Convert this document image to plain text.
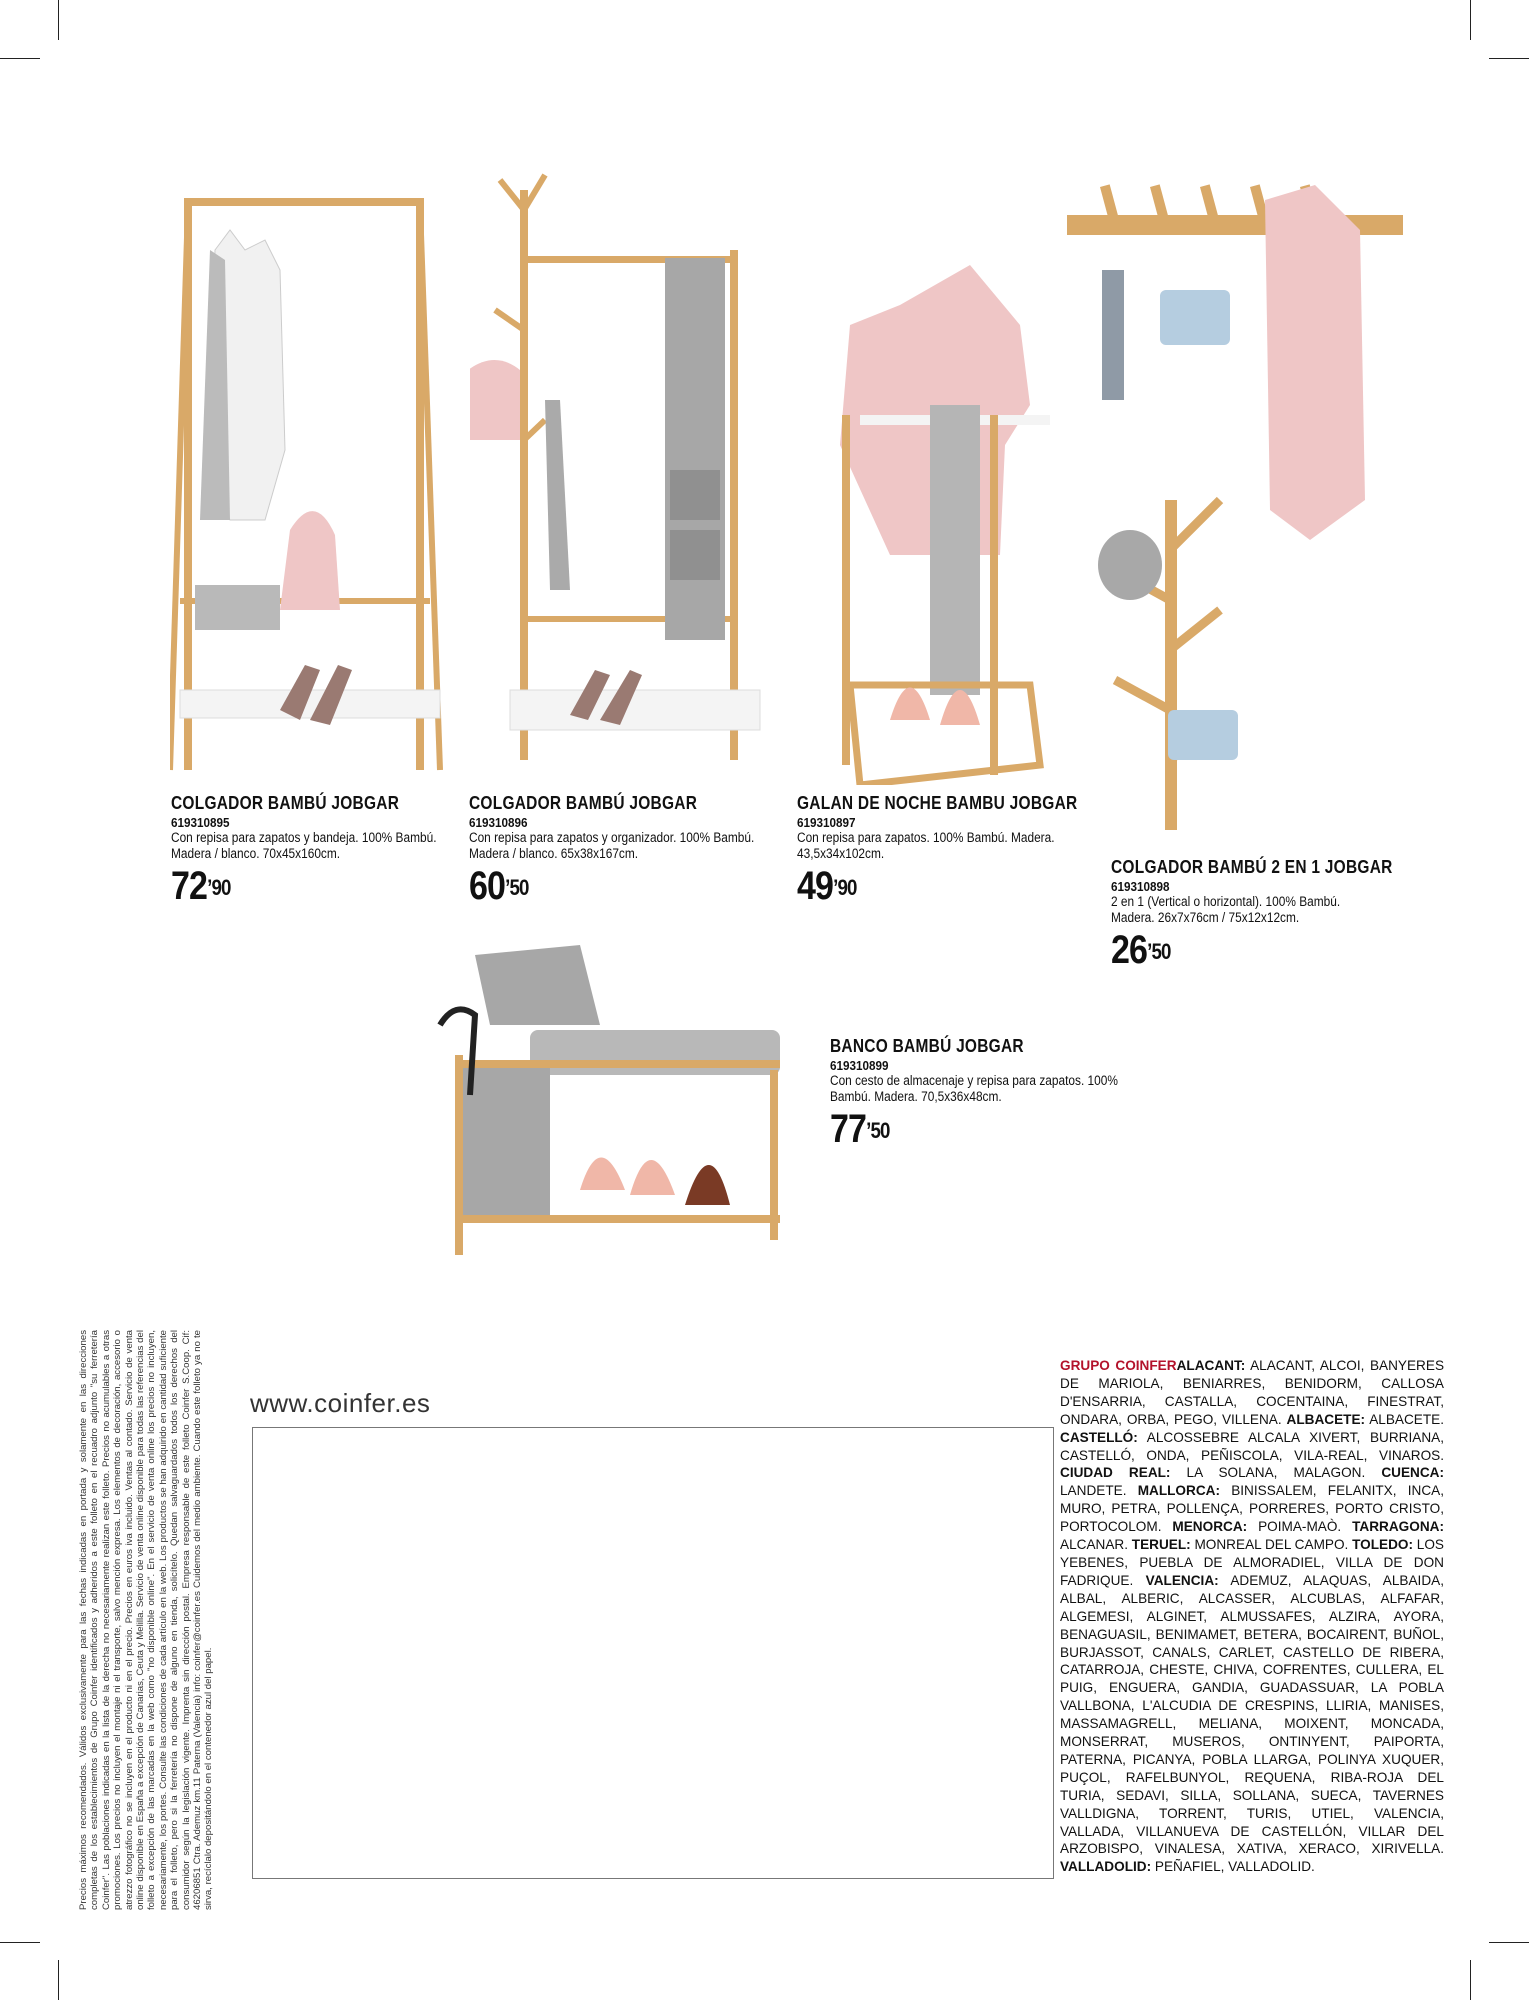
COLGADOR BAMBÚ JOBGAR
619310895
Con repisa para zapatos y bandeja. 100% Bambú. Madera / blanco. 70x45x160cm.
$72^{’90}$
COLGADOR BAMBÚ JOBGAR
619310896
Con repisa para zapatos y organizador. 100% Bambú. Madera / blanco. 65x38x167cm.
$60^{’50}$
GALAN DE NOCHE BAMBU JOBGAR
619310897
Con repisa para zapatos. 100% Bambú. Madera. 43,5x34x102cm.
$49^{’90}$
COLGADOR BAMBÚ 2 EN 1 JOBGAR
619310898
2 en 1 (Vertical o horizontal). 100% Bambú. Madera. 26x7x76cm / 75x12x12cm.
$26^{’50}$
BANCO BAMBÚ JOBGAR
619310899
Con cesto de almacenaje y repisa para zapatos. 100% Bambú. Madera. 70,5x36x48cm.
$77^{’50}$
Precios máximos recomendados. Válidos exclusivamente para las fechas indicadas en portada y solamente en las direcciones completas de los establecimientos de Grupo Coinfer identificados y adheridos a este folleto en el recuadro adjunto "su ferretería Coinfer". Las poblaciones indicadas en la lista de la derecha no necesariamente realizan este folleto. Precios no acumulables a otras promociones. Los precios no incluyen el montaje ni el transporte, salvo mención expresa. Los elementos de decoración, accesorio o atrezzo fotográfico no se incluyen en el producto ni en el precio. Precios en euros iva incluido. Ventas al contado. Servicio de venta online disponible en España a excepción de Canarias, Ceuta y Melilla. Servicio de venta online disponible para todas las referencias del folleto a excepción de las marcadas en la web como "no disponible online". En el servicio de venta online los precios no incluyen, necesariamente, los portes. Consulte las condiciones de cada artículo en la web. Los productos se han adquirido en cantidad suficiente para el folleto, pero si la ferretería no dispone de alguno en tienda, solicítelo. Quedan salvaguardados todos los derechos del consumidor según la legislación vigente. Imprenta sin dirección postal. Empresa responsable de este folleto Coinfer S.Coop. Cif: 46206851 Ctra. Ademuz km.11 Paterna (Valencia) info: coinfer@coinfer.es Cuidemos del medio ambiente. Cuando este folleto ya no te sirva, recíclalo depositándolo en el contenedor azul del papel.
www.coinfer.es
GRUPO COINFERALACANT: ALACANT, ALCOI, BANYERES DE MARIOLA, BENIARRES, BENIDORM, CALLOSA D'ENSARRIA, CASTALLA, COCENTAINA, FINESTRAT, ONDARA, ORBA, PEGO, VILLENA. ALBACETE: ALBACETE. CASTELLÓ: ALCOSSEBRE ALCALA XIVERT, BURRIANA, CASTELLÓ, ONDA, PEÑISCOLA, VILA-REAL, VINAROS. CIUDAD REAL: LA SOLANA, MALAGON. CUENCA: LANDETE. MALLORCA: BINISSALEM, FELANITX, INCA, MURO, PETRA, POLLENÇA, PORRERES, PORTO CRISTO, PORTOCOLOM. MENORCA: POIMA-MAÒ. TARRAGONA: ALCANAR. TERUEL: MONREAL DEL CAMPO. TOLEDO: LOS YEBENES, PUEBLA DE ALMORADIEL, VILLA DE DON FADRIQUE. VALENCIA: ADEMUZ, ALAQUAS, ALBAIDA, ALBAL, ALBERIC, ALCASSER, ALCUBLAS, ALFAFAR, ALGEMESI, ALGINET, ALMUSSAFES, ALZIRA, AYORA, BENAGUASIL, BENIMAMET, BETERA, BOCAIRENT, BUÑOL, BURJASSOT, CANALS, CARLET, CASTELLO DE RIBERA, CATARROJA, CHESTE, CHIVA, COFRENTES, CULLERA, EL PUIG, ENGUERA, GANDIA, GUADASSUAR, LA POBLA VALLBONA, L'ALCUDIA DE CRESPINS, LLIRIA, MANISES, MASSAMAGRELL, MELIANA, MOIXENT, MONCADA, MONSERRAT, MUSEROS, ONTINYENT, PAIPORTA, PATERNA, PICANYA, POBLA LLARGA, POLINYA XUQUER, PUÇOL, RAFELBUNYOL, REQUENA, RIBA-ROJA DEL TURIA, SEDAVI, SILLA, SOLLANA, SUECA, TAVERNES VALLDIGNA, TORRENT, TURIS, UTIEL, VALENCIA, VALLADA, VILLANUEVA DE CASTELLÓN, VILLAR DEL ARZOBISPO, VINALESA, XATIVA, XERACO, XIRIVELLA. VALLADOLID: PEÑAFIEL, VALLADOLID.
